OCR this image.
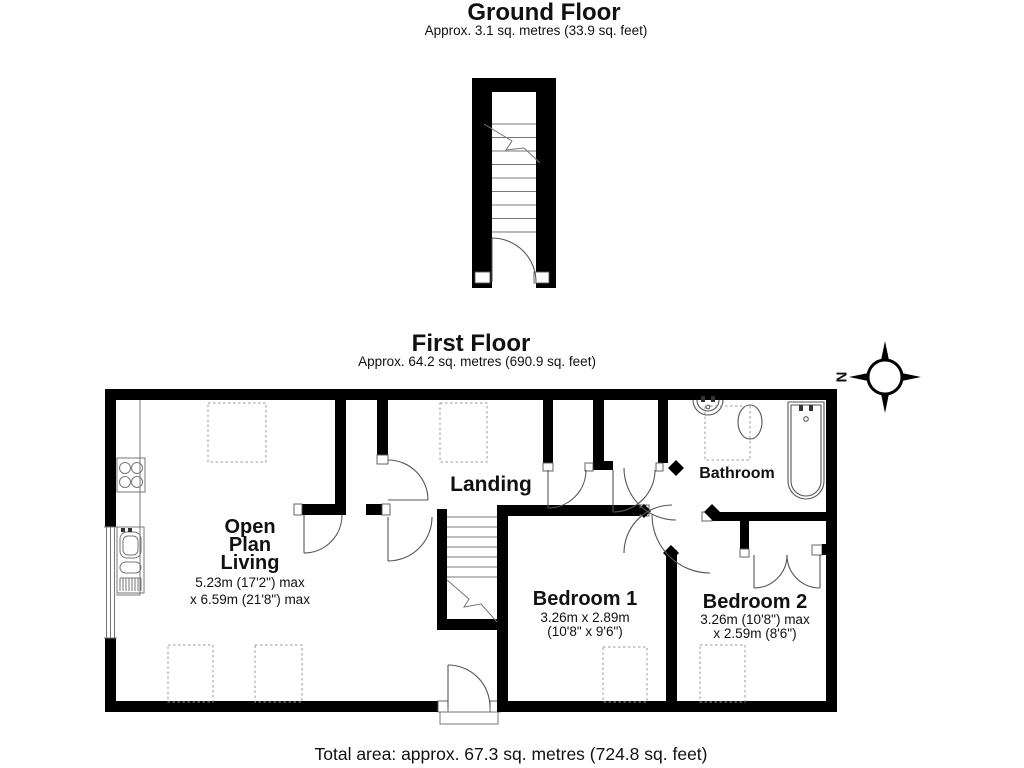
N
Ground Floor
Approx. 3.1 sq. metres (33.9 sq. feet)
First Floor
Approx. 64.2 sq. metres (690.9 sq. feet)
Landing
Open
Plan
Living
5.23m (17'2") max
x 6.59m (21'8") max	Bedroom 1
3.26m x 2.89m
(10'8" x 9'6")
Bedroom 2
3.26m (10'8") max
x 2.59m (8'6")
Bathroom
Total area: approx. 67.3 sq. metres (724.8 sq. feet)
